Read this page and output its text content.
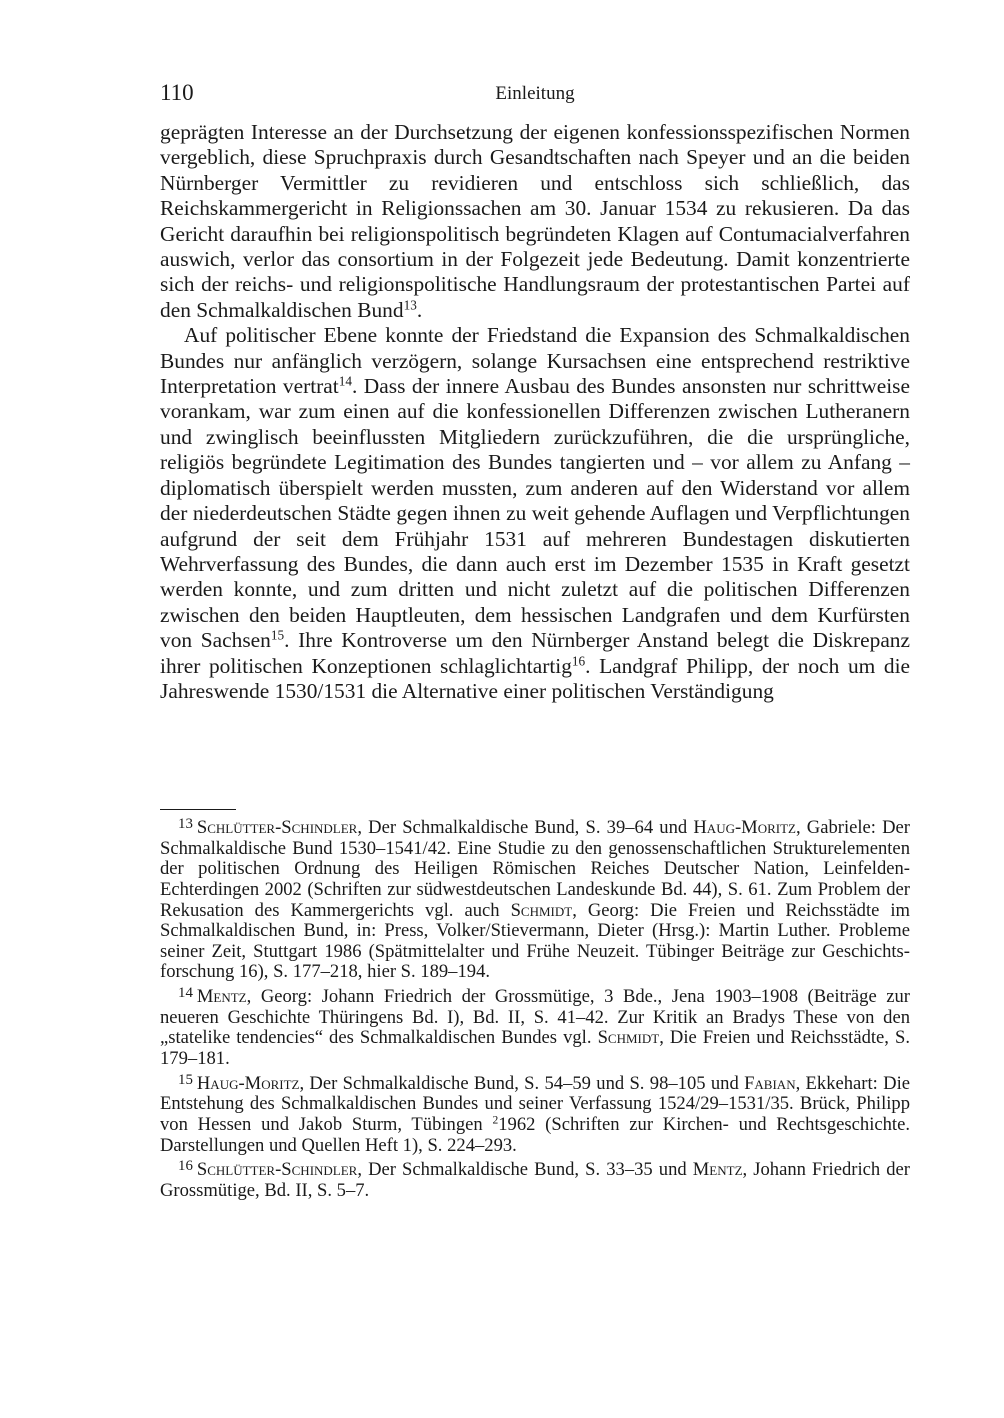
110	Einleitung

geprägten Interesse an der Durchsetzung der eigenen konfessionsspezifischen Normen vergeblich, diese Spruchpraxis durch Gesandtschaften nach Speyer und an die beiden Nürnberger Vermittler zu revidieren und entschloss sich schließlich, das Reichskammergericht in Religionssachen am 30. Januar 1534 zu rekusieren. Da das Gericht daraufhin bei religionspolitisch begründeten Klagen auf Contumacialverfahren auswich, verlor das consortium in der Folgezeit jede Bedeutung. Damit konzentrierte sich der reichs- und religionspolitische Handlungsraum der protestantischen Partei auf den Schmalkaldischen Bund$^{13}$.

Auf politischer Ebene konnte der Friedstand die Expansion des Schmalkaldischen Bundes nur anfänglich verzögern, solange Kursachsen eine entsprechend restriktive Interpretation vertrat$^{14}$. Dass der innere Ausbau des Bundes ansonsten nur schrittweise vorankam, war zum einen auf die konfessionellen Differenzen zwischen Lutheranern und zwinglisch beeinflussten Mitgliedern zurückzuführen, die die ursprüngliche, religiös begründete Legitimation des Bundes tangierten und – vor allem zu Anfang – diplomatisch überspielt werden mussten, zum anderen auf den Widerstand vor allem der niederdeutschen Städte gegen ihnen zu weit gehende Auflagen und Verpflichtungen aufgrund der seit dem Frühjahr 1531 auf mehreren Bundestagen diskutierten Wehrverfassung des Bundes, die dann auch erst im Dezember 1535 in Kraft gesetzt werden konnte, und zum dritten und nicht zuletzt auf die politischen Differenzen zwischen den beiden Hauptleuten, dem hessischen Landgrafen und dem Kurfürsten von Sachsen$^{15}$. Ihre Kontroverse um den Nürnberger Anstand belegt die Diskrepanz ihrer politischen Konzeptionen schlaglichtartig$^{16}$. Landgraf Philipp, der noch um die Jahreswende 1530/1531 die Alternative einer politischen Verständigung

$^{13}$ Schlütter-Schindler, Der Schmalkaldische Bund, S. 39–64 und Haug-Moritz, Gabriele: Der Schmalkaldische Bund 1530–1541/42. Eine Studie zu den genossenschaftlichen Strukturelementen der politischen Ordnung des Heiligen Römischen Reiches Deutscher Nation, Leinfelden-Echterdingen 2002 (Schriften zur südwestdeutschen Landeskunde Bd. 44), S. 61. Zum Problem der Rekusation des Kammergerichts vgl. auch Schmidt, Georg: Die Freien und Reichsstädte im Schmalkaldischen Bund, in: Press, Volker/Stievermann, Dieter (Hrsg.): Martin Luther. Probleme seiner Zeit, Stuttgart 1986 (Spätmittelalter und Frühe Neuzeit. Tübinger Beiträge zur Geschichtsforschung 16), S. 177–218, hier S. 189–194.

$^{14}$ Mentz, Georg: Johann Friedrich der Grossmütige, 3 Bde., Jena 1903–1908 (Beiträge zur neueren Geschichte Thüringens Bd. I), Bd. II, S. 41–42. Zur Kritik an Bradys These von den „statelike tendencies“ des Schmalkaldischen Bundes vgl. Schmidt, Die Freien und Reichsstädte, S. 179–181.

$^{15}$ Haug-Moritz, Der Schmalkaldische Bund, S. 54–59 und S. 98–105 und Fabian, Ekkehart: Die Entstehung des Schmalkaldischen Bundes und seiner Verfassung 1524/29–1531/35. Brück, Philipp von Hessen und Jakob Sturm, Tübingen $^2$1962 (Schriften zur Kirchen- und Rechtsgeschichte. Darstellungen und Quellen Heft 1), S. 224–293.

$^{16}$ Schlütter-Schindler, Der Schmalkaldische Bund, S. 33–35 und Mentz, Johann Friedrich der Grossmütige, Bd. II, S. 5–7.
